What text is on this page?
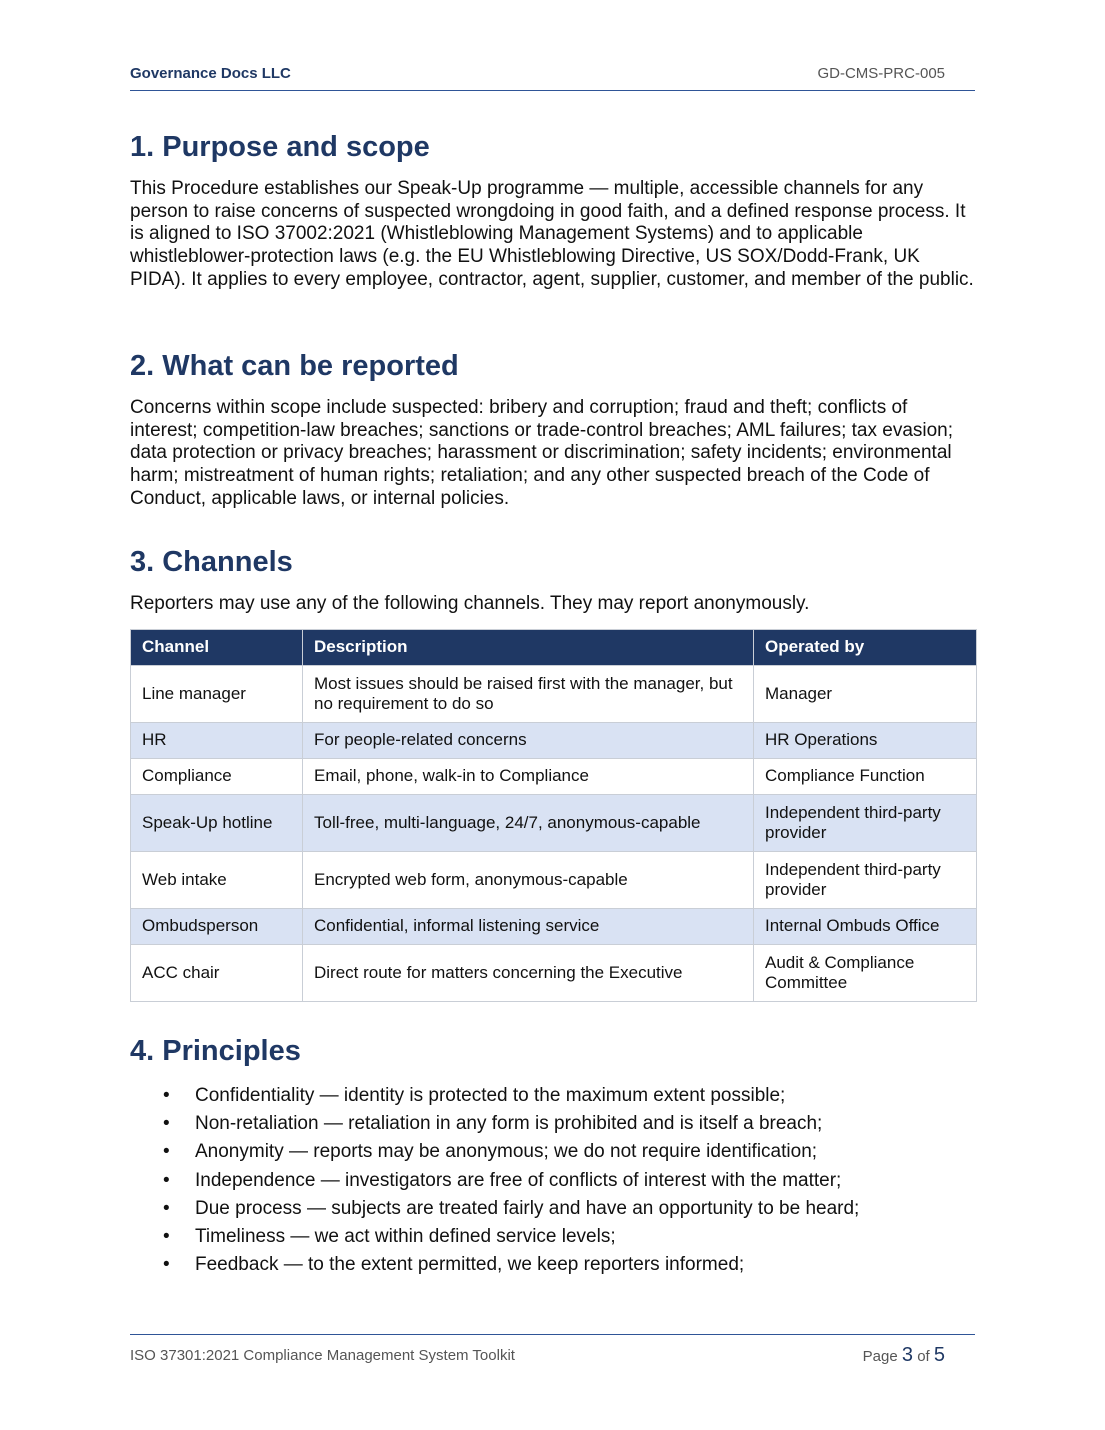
Governance Docs LLC	GD-CMS-PRC-005
1. Purpose and scope

This Procedure establishes our Speak-Up programme — multiple, accessible channels for any person to raise concerns of suspected wrongdoing in good faith, and a defined response process. It is aligned to ISO 37002:2021 (Whistleblowing Management Systems) and to applicable whistleblower-protection laws (e.g. the EU Whistleblowing Directive, US SOX/Dodd-Frank, UK PIDA). It applies to every employee, contractor, agent, supplier, customer, and member of the public.

2. What can be reported

Concerns within scope include suspected: bribery and corruption; fraud and theft; conflicts of interest; competition-law breaches; sanctions or trade-control breaches; AML failures; tax evasion; data protection or privacy breaches; harassment or discrimination; safety incidents; environmental harm; mistreatment of human rights; retaliation; and any other suspected breach of the Code of Conduct, applicable laws, or internal policies.

3. Channels

Reporters may use any of the following channels. They may report anonymously.

Channel	Description	Operated by
Line manager	Most issues should be raised first with the manager, but no requirement to do so	Manager
HR	For people-related concerns	HR Operations
Compliance	Email, phone, walk-in to Compliance	Compliance Function
Speak-Up hotline	Toll-free, multi-language, 24/7, anonymous-capable	Independent third-party provider
Web intake	Encrypted web form, anonymous-capable	Independent third-party provider
Ombudsperson	Confidential, informal listening service	Internal Ombuds Office
ACC chair	Direct route for matters concerning the Executive	Audit & Compliance Committee
4. Principles
• Confidentiality — identity is protected to the maximum extent possible;
• Non-retaliation — retaliation in any form is prohibited and is itself a breach;
• Anonymity — reports may be anonymous; we do not require identification;
• Independence — investigators are free of conflicts of interest with the matter;
• Due process — subjects are treated fairly and have an opportunity to be heard;
• Timeliness — we act within defined service levels;
• Feedback — to the extent permitted, we keep reporters informed;
ISO 37301:2021 Compliance Management System Toolkit	Page 3 of 5
